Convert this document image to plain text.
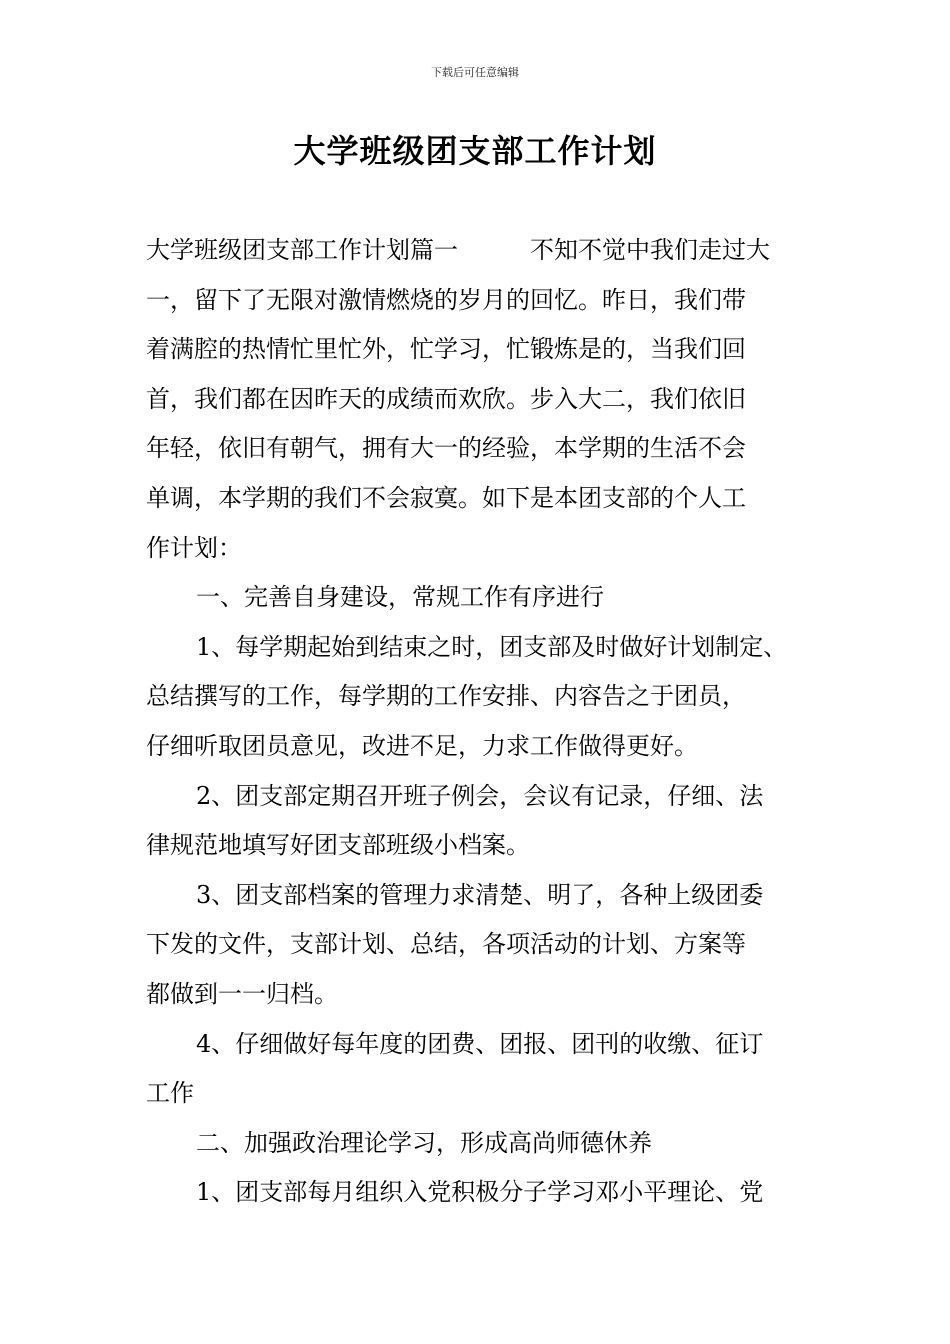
下载后可任意编辑
大学班级团支部工作计划
大学班级团支部工作计划篇一	不知不觉中我们走过大
一，留下了无限对激情燃烧的岁月的回忆。昨日，我们带
着满腔的热情忙里忙外，忙学习，忙锻炼是的，当我们回
首，我们都在因昨天的成绩而欢欣。步入大二，我们依旧
年轻，依旧有朝气，拥有大一的经验，本学期的生活不会
单调，本学期的我们不会寂寞。如下是本团支部的个人工
作计划：
一、完善自身建设，常规工作有序进行
1、每学期起始到结束之时，团支部及时做好计划制定、
总结撰写的工作，每学期的工作安排、内容告之于团员，
仔细听取团员意见，改进不足，力求工作做得更好。
2、团支部定期召开班子例会，会议有记录，仔细、法
律规范地填写好团支部班级小档案。
3、团支部档案的管理力求清楚、明了，各种上级团委
下发的文件，支部计划、总结，各项活动的计划、方案等
都做到一一归档。
4、仔细做好每年度的团费、团报、团刊的收缴、征订
工作
二、加强政治理论学习，形成高尚师德休养
1、团支部每月组织入党积极分子学习邓小平理论、党
